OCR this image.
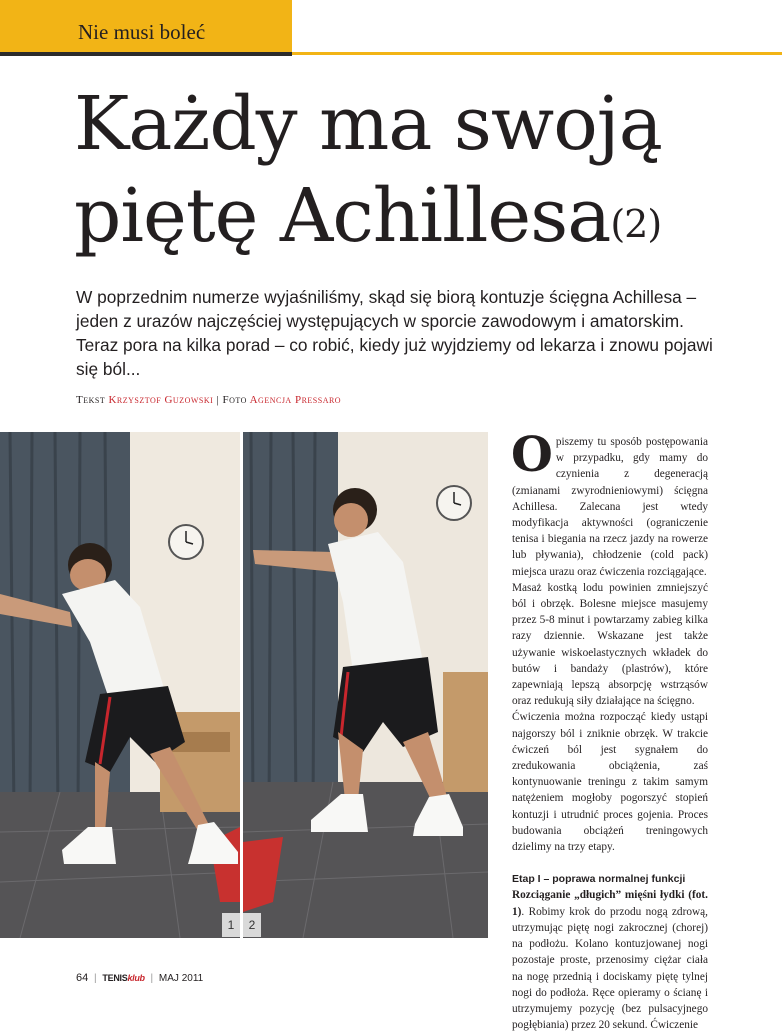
Nie musi boleć
Każdy ma swoją
piętę Achillesa$^{(2)}$
W poprzednim numerze wyjaśniliśmy, skąd się biorą kontuzje ścięgna Achillesa – jeden z urazów najczęściej występujących w sporcie zawodowym i amatorskim. Teraz pora na kilka porad – co robić, kiedy już wyjdziemy od lekarza i znowu pojawi się ból...
Tekst Krzysztof Guzowski | Foto Agencja Pressaro
1	2

Opiszemy tu sposób postępowania w przypadku, gdy mamy do czynienia z degeneracją (zmianami zwyrodnieniowymi) ścięgna Achillesa. Zalecana jest wtedy modyfikacja aktywności (ograniczenie tenisa i biegania na rzecz jazdy na rowerze lub pływania), chłodzenie (cold pack) miejsca urazu oraz ćwiczenia rozciągające.

Masaż kostką lodu powinien zmniejszyć ból i obrzęk. Bolesne miejsce masujemy przez 5-8 minut i powtarzamy zabieg kilka razy dziennie. Wskazane jest także używanie wiskoelastycznych wkładek do butów i bandaży (plastrów), które zapewniają lepszą absorpcję wstrząsów oraz redukują siły działające na ścięgno.

Ćwiczenia można rozpocząć kiedy ustąpi najgorszy ból i zniknie obrzęk. W trakcie ćwiczeń ból jest sygnałem do zredukowania obciążenia, zaś kontynuowanie treningu z takim samym natężeniem mogłoby pogorszyć stopień kontuzji i utrudnić proces gojenia. Proces budowania obciążeń treningowych dzielimy na trzy etapy.

Etap I – poprawa normalnej funkcji

Rozciąganie „długich” mięśni łydki (fot. 1). Robimy krok do przodu nogą zdrową, utrzymując piętę nogi zakrocznej (chorej) na podłożu. Kolano kontuzjowanej nogi pozostaje proste, przenosimy ciężar ciała na nogę przednią i dociskamy piętę tylnej nogi do podłoża. Ręce opieramy o ścianę i utrzymujemy pozycję (bez pulsacyjnego pogłębiania) przez 20 sekund. Ćwiczenie

64 | TENISklub | MAJ 2011
